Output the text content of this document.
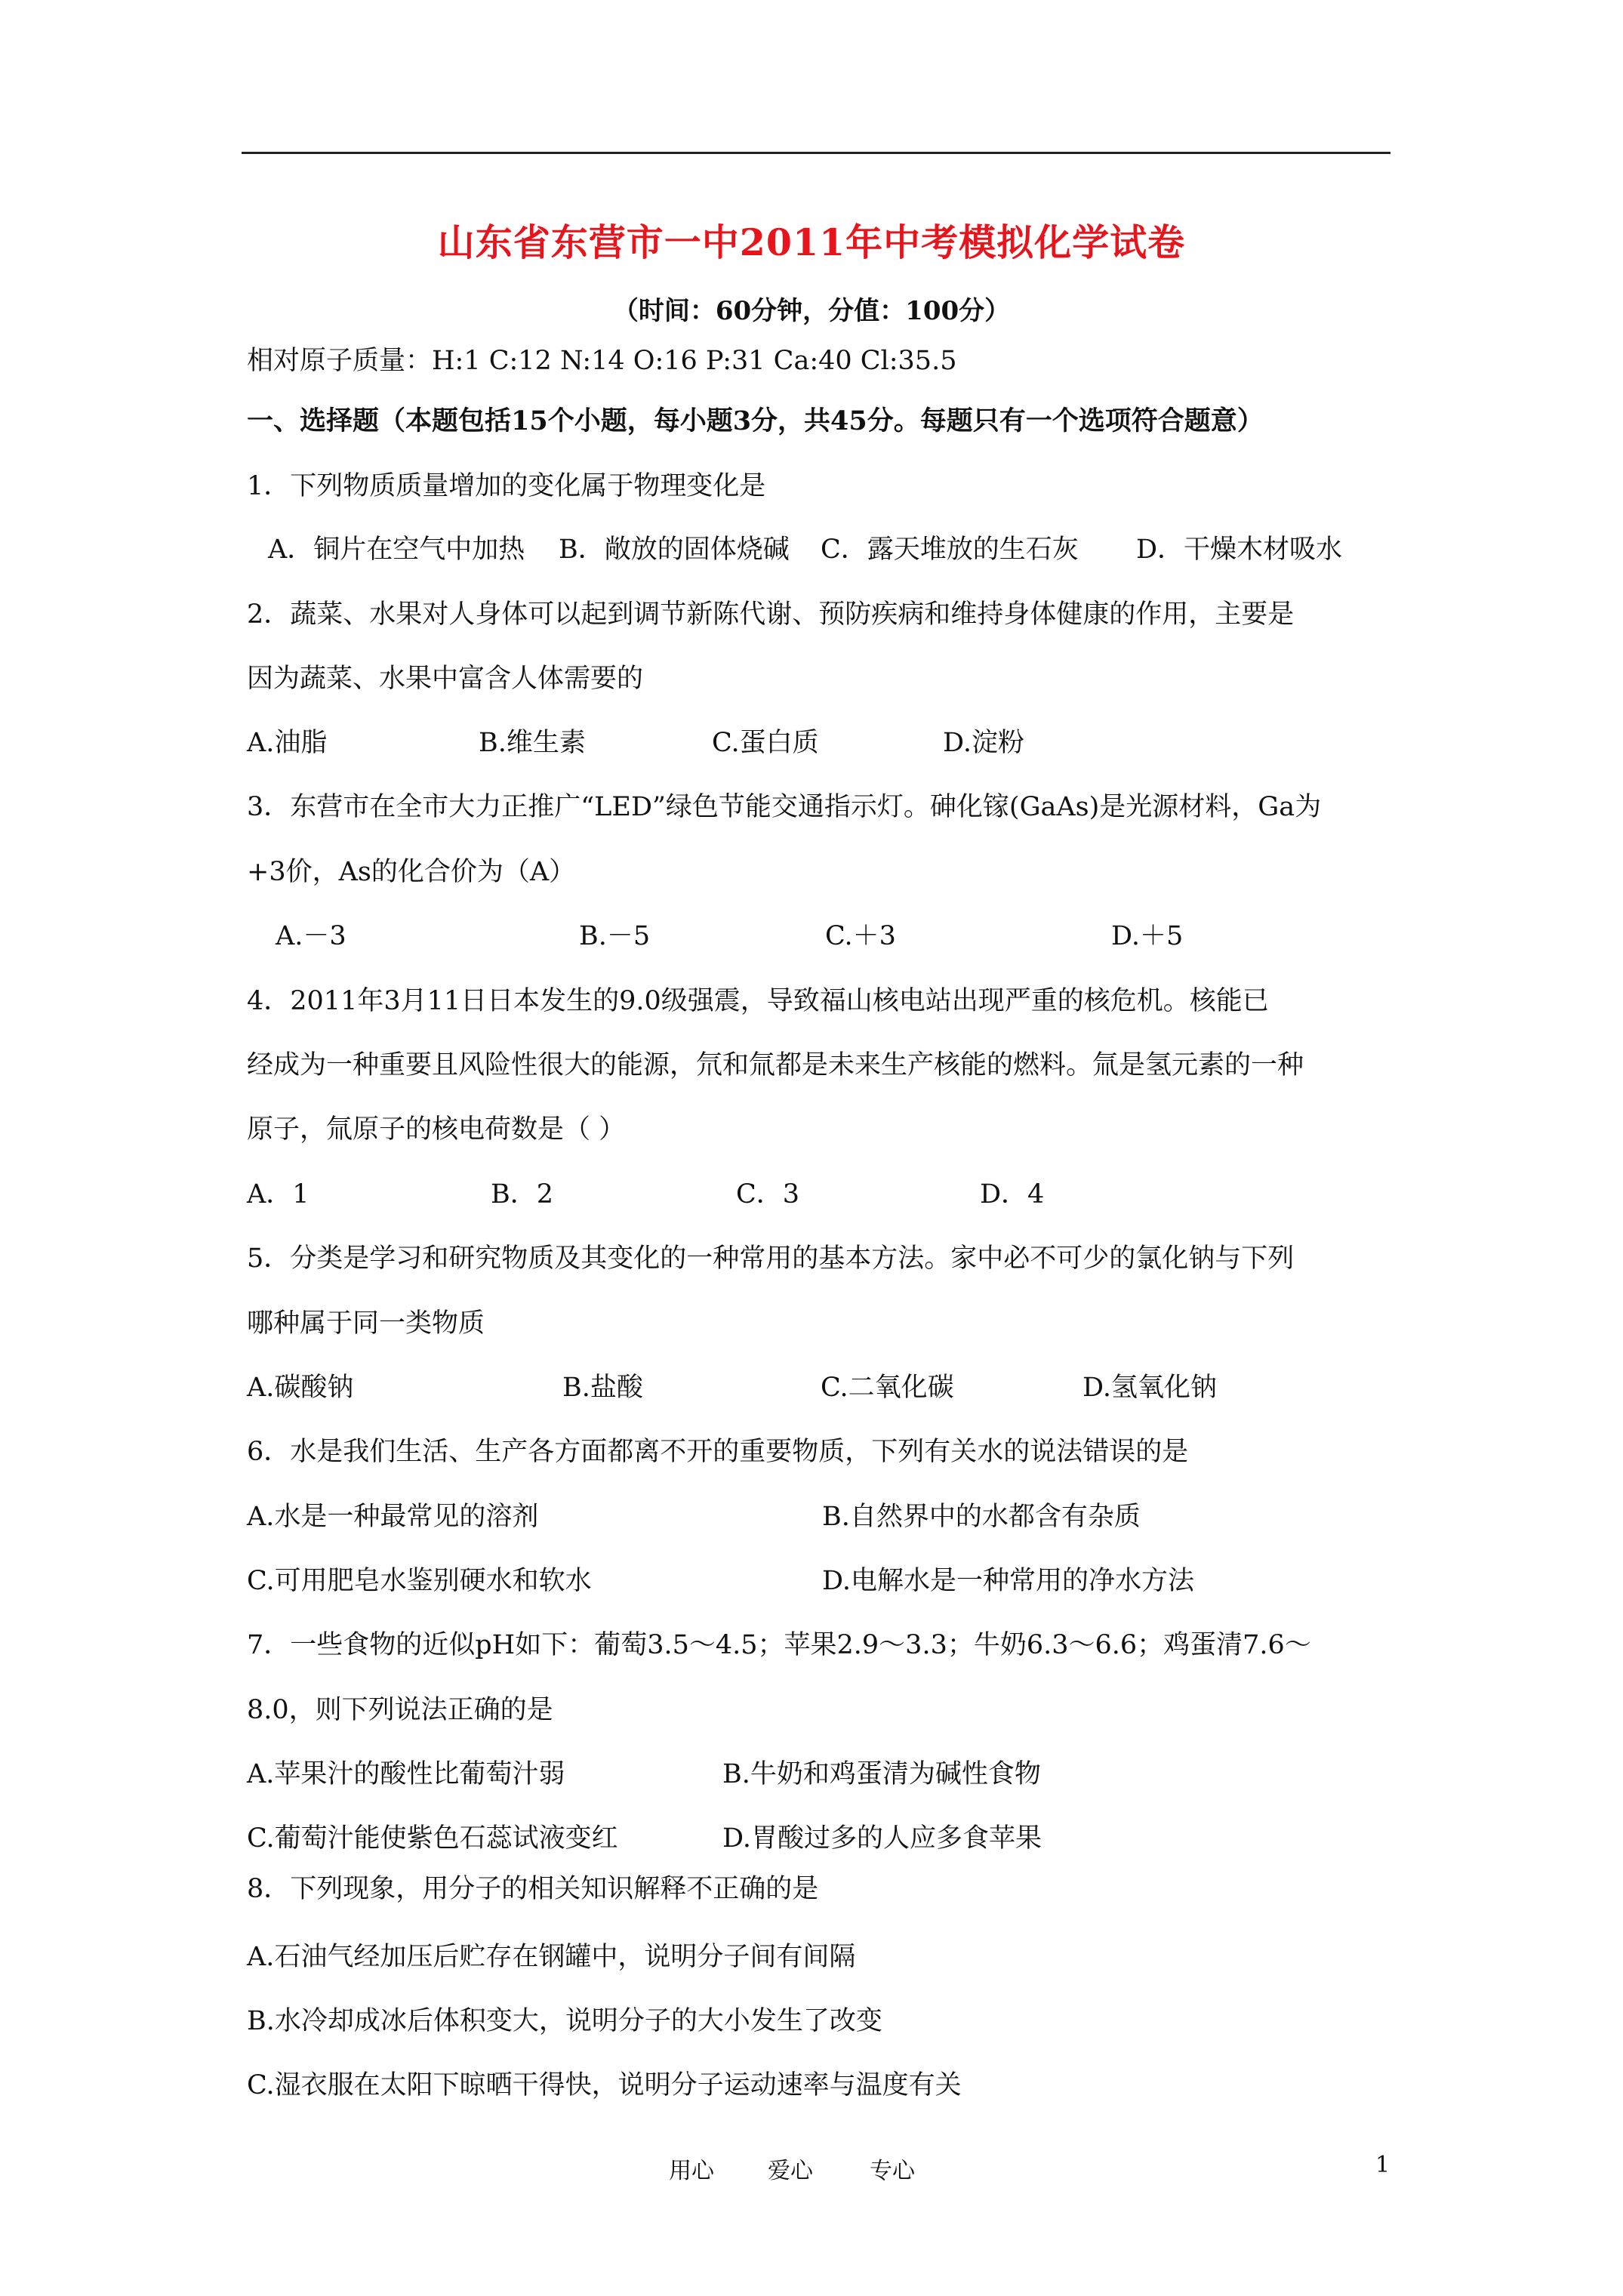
山东省东营市一中2011年中考模拟化学试卷
（时间：60分钟，分值：100分）
相对原子质量：H:1 C:12 N:14 O:16 P:31 Ca:40 Cl:35.5
一、选择题（本题包括15个小题，每小题3分，共45分。每题只有一个选项符合题意）
1．下列物质质量增加的变化属于物理变化是
A．铜片在空气中加热 B．敞放的固体烧碱 C．露天堆放的生石灰 D．干燥木材吸水
2．蔬菜、水果对人身体可以起到调节新陈代谢、预防疾病和维持身体健康的作用，主要是
因为蔬菜、水果中富含人体需要的
A.油脂	B.维生素	C.蛋白质	D.淀粉
3．东营市在全市大力正推广“LED”绿色节能交通指示灯。砷化镓(GaAs)是光源材料，Ga为
+3价，As的化合价为（A）
A.－3	B.－5	C.＋3	D.＋5
4．2011年3月11日日本发生的9.0级强震，导致福山核电站出现严重的核危机。核能已
经成为一种重要且风险性很大的能源，氘和氚都是未来生产核能的燃料。氚是氢元素的一种
原子，氚原子的核电荷数是（ ）
A．1	B．2	C．3	D．4
5．分类是学习和研究物质及其变化的一种常用的基本方法。家中必不可少的氯化钠与下列
哪种属于同一类物质
A.碳酸钠	B.盐酸	C.二氧化碳	D.氢氧化钠
6．水是我们生活、生产各方面都离不开的重要物质，下列有关水的说法错误的是
A.水是一种最常见的溶剂	B.自然界中的水都含有杂质
C.可用肥皂水鉴别硬水和软水	D.电解水是一种常用的净水方法
7．一些食物的近似pH如下：葡萄3.5～4.5；苹果2.9～3.3；牛奶6.3～6.6；鸡蛋清7.6～
8.0，则下列说法正确的是
A.苹果汁的酸性比葡萄汁弱	B.牛奶和鸡蛋清为碱性食物
C.葡萄汁能使紫色石蕊试液变红	D.胃酸过多的人应多食苹果
8．下列现象，用分子的相关知识解释不正确的是
A.石油气经加压后贮存在钢罐中，说明分子间有间隔
B.水冷却成冰后体积变大，说明分子的大小发生了改变
C.湿衣服在太阳下晾晒干得快，说明分子运动速率与温度有关
用心 爱心	专心	1
